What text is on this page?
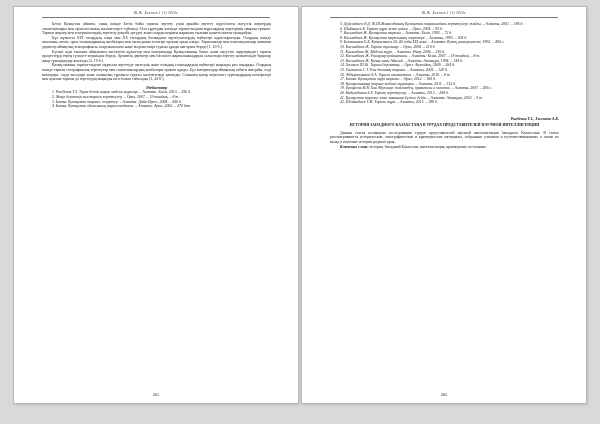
Ш.Ж. Халлаев 1 (1) 2016г.

Бегім Қазақстан аймағы, оның ішінде Бегім бойы тарихы зерттеу үшін арнайы зерттеу жүргізілген оңтүстік жерлердің сипаттамалары мен археологиялық мәліметтерге сүйенеді. Осы тұрғыдан алғанда тарихи-мәдени мұралардың жерлерінің маңызы ерекше. Тарихи жерлер мен ескерткіштердің зерттелу деңгейі әртүрлі және оларды кеңінен жариялау ғылыми қажеттіліктен туындайды.

Бұл жұмыста ХІХ ғасырдың соңы мен ХХ ғасырдың басындағы зерттеушілердің еңбектері қарастырылады. Олардың ішінде ағылшын, неміс, орыс ғалымдарының жазбалары мен экспедиция есептері ерекше орын алады. Тарихшылар мен өлкетанушылар жинаған деректер аймақтың этнографиясы, шаруашылығы және мәдени өмірі туралы құнды мағлұмат береді [1, 10-б.].

Бүгінгі күні ғылыми айналымға енгізілген құжаттар мен материалдар Қазақстанның батыс және оңтүстік өңірлеріндегі тарихи процестерді терең түсінуге мүмкіндік береді. Архивтік деректер мен баспасөз жарияланымдарын салыстыра зерттеу нәтижесінде бірқатар жаңа тұжырымдар жасалды [2, 15-б.].

Қазақстанның тарихи-мәдени мұрасын зерттеуде шетелдік және отандық ғалымдардың еңбектері маңызды рөл атқарады. Олардың ішінде тарихи географиялық зерттеулер мен саяхатшылардың жазбалары ерекше құнды. Бұл материалдар аймақтың табиғи жағдайы, елді мекендері, сауда жолдары және халықтың тұрмысы туралы мәліметтерді қамтиды. Сонымен қатар жергілікті тұрғындардың шежірелері мен ауызша тарихы да зерттеудің маңызды көзі болып табылады [3, 22-б.].

Әдебиеттер

1. Рысбеков Т.З. Тарих бетін ашқан мәдени мұралар. – Алматы: Білім, 2013. – 256 б.

2. Жаңа деректер мен тарихи зерттеулер. – Орал, 2007. – 19 томдық. – 8 т.

3. Батыс Қазақстан тарихы: очерктер. – Алматы: Дайк-Пресс, 2008. – 440 б.

4. Батыс Қазақстан облысының энциклопедиясы. – Алматы: Арыс, 2002. – 470 бет.

261
Ш.Ж. Халлаев 1 (1) 2016г.

5. Дүйсенбаев Ә.Д. Ж.Ш.Жанкелдиннің Қазақстан тарихындағы зерттеулері жайлы. – Алматы, 2001. – 186 б.

6. Шайынаев Б. Тарихи мұра және қоғам. – Орал, 2004. – 95 б.

7. Касымбаев Ж. Қазақстан тарихы. – Алматы: Білім, 1992. – 72 б.

8. Касымбаев Ж. Қазақстан тарихының очерктері. – Алматы, 1993. – 304 б.

9. Бекмаханов Е.Б. Казахстан в 20–40 годы XIX века. – Алматы: Қазақ университеті, 1992. – 400 с.

10. Касымбаев Ж. Тарихи тұлғалар. – Орал, 2006. – 210 б.

11. Касымбаев Ж. Мәдени мұра. – Алматы: Өнер, 2006. – 216 б.

12. Касымбаев Ж. Ғасырлар қойнауынан. – Алматы: Білім, 2007. – 18 томдық. – 8 т.

13. Касымбаев Ж. Қазақ ханы Абылай. – Алматы: Атамұра, 1994. – 144 б.

14. Халлаев Ш.Ж. Тарихи деректану. – Орал: Ақжайық, 2009. – 264 б.

15. Тастанов С.Т. Ұлы даланың тарихы. – Алматы, 2005. – 128 б.

16. Абдырахманов А.А. Тарихи ономастика. – Алматы, 2010. – 8 т.

17. Батыс Қазақстан өңірі тарихы. – Орал, 2012. – 160 б.

18. Қазақстанның тарихи-мәдени мұралары. – Алматы, 2011. – 312 б.

19. Ерофеева И.В. Хан Абулхаир: полководец, правитель и политик. – Алматы, 2007. – 456 с.

20. Кабульдинов З.Е. Тарихи зерттеулер. – Алматы, 2013. – 284 б.

21. Қазақстан тарихы: көне заманнан бүгінге дейін. – Алматы: Атамұра, 2010. – 5 т.

22. Шойынбаев Т.Ж. Тарихи мұра. – Алматы, 2015. – 188 б.

Рысбеков Т.З., Халлаева А.К.
ИСТОРИЯ ЗАПАДНОГО КАЗАХСТАНА В ТРУДАХ ПРЕДСТАВИТЕЛЕЙ НАУЧНОЙ ИНТЕЛЛИГЕНЦИИ

Данная статья посвящена исследованию трудов представителей научной интеллигенции Западного Казахстана. В статье рассматриваются исторические, этнографические и краеведческие материалы, собранные учеными и путешественниками, а также их вклад в изучение истории родного края.

Ключевые слова: история, Западный Казахстан, интеллигенция, краеведение, источники.

262
